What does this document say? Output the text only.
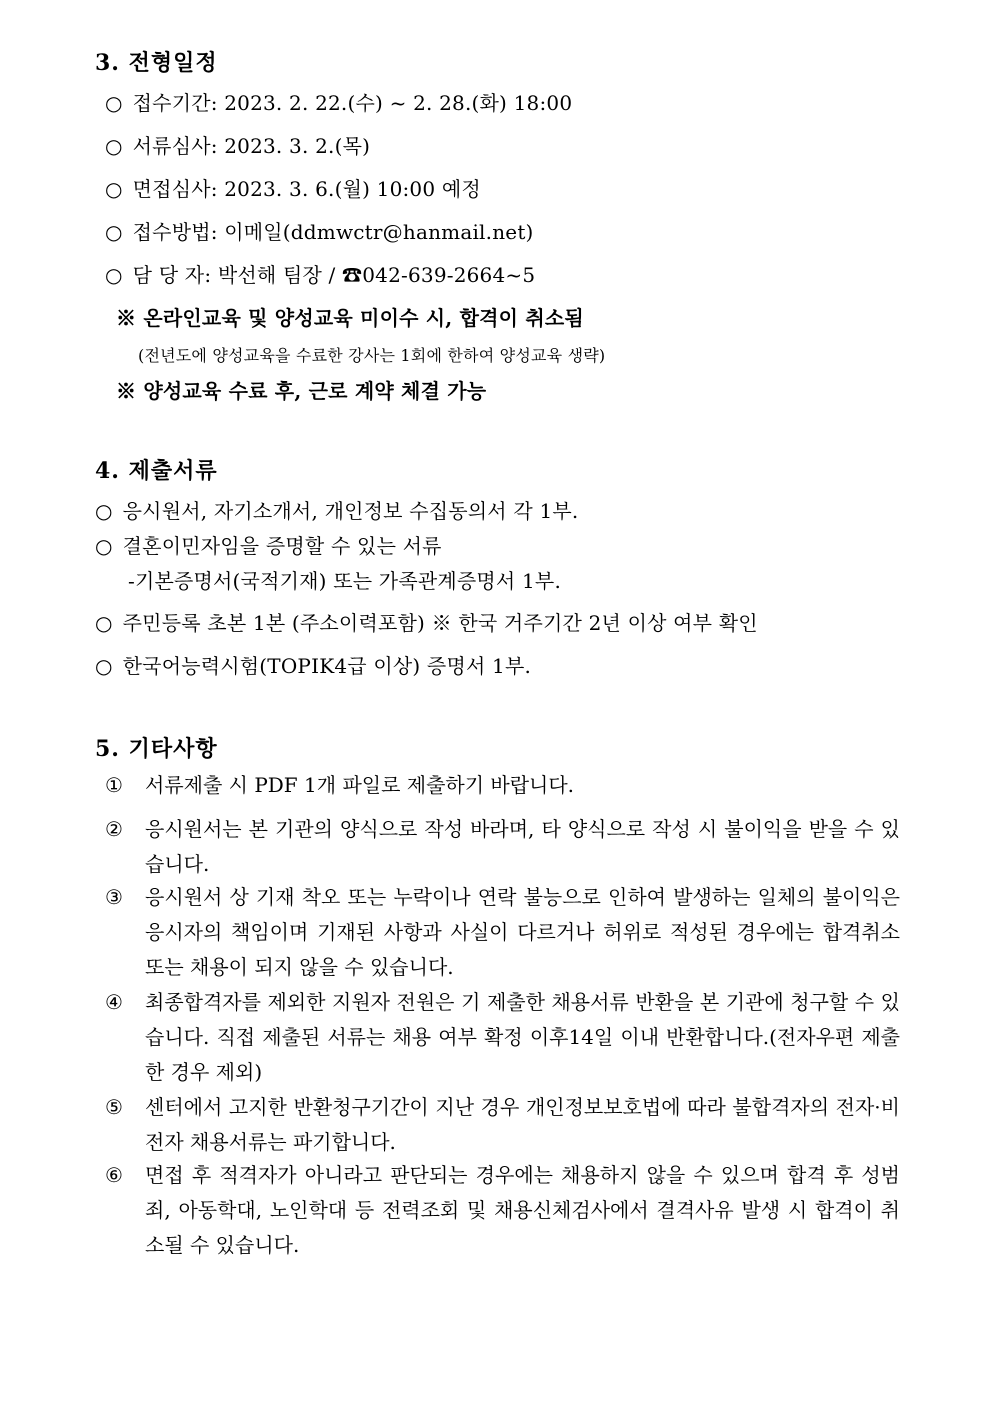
3. 전형일정
○ 접수기간: 2023. 2. 22.(수) ~ 2. 28.(화) 18:00
○ 서류심사: 2023. 3. 2.(목)
○ 면접심사: 2023. 3. 6.(월) 10:00 예정
○ 접수방법: 이메일(ddmwctr@hanmail.net)
○ 담 당 자: 박선해 팀장 / ☎042-639-2664~5
※ 온라인교육 및 양성교육 미이수 시, 합격이 취소됨
(전년도에 양성교육을 수료한 강사는 1회에 한하여 양성교육 생략)
※ 양성교육 수료 후, 근로 계약 체결 가능
4. 제출서류
○ 응시원서, 자기소개서, 개인정보 수집동의서 각 1부.
○ 결혼이민자임을 증명할 수 있는 서류
-기본증명서(국적기재) 또는 가족관계증명서 1부.
○ 주민등록 초본 1본 (주소이력포함) ※ 한국 거주기간 2년 이상 여부 확인
○ 한국어능력시험(TOPIK4급 이상) 증명서 1부.
5. 기타사항
① 서류제출 시 PDF 1개 파일로 제출하기 바랍니다.
② 응시원서는 본 기관의 양식으로 작성 바라며, 타 양식으로 작성 시 불이익을 받을 수 있습니다.
③ 응시원서 상 기재 착오 또는 누락이나 연락 불능으로 인하여 발생하는 일체의 불이익은 응시자의 책임이며 기재된 사항과 사실이 다르거나 허위로 적성된 경우에는 합격취소 또는 채용이 되지 않을 수 있습니다.
④ 최종합격자를 제외한 지원자 전원은 기 제출한 채용서류 반환을 본 기관에 청구할 수 있습니다. 직접 제출된 서류는 채용 여부 확정 이후14일 이내 반환합니다.(전자우편 제출한 경우 제외)
⑤ 센터에서 고지한 반환청구기간이 지난 경우 개인정보보호법에 따라 불합격자의 전자·비전자 채용서류는 파기합니다.
⑥ 면접 후 적격자가 아니라고 판단되는 경우에는 채용하지 않을 수 있으며 합격 후 성범죄, 아동학대, 노인학대 등 전력조회 및 채용신체검사에서 결격사유 발생 시 합격이 취소될 수 있습니다.
